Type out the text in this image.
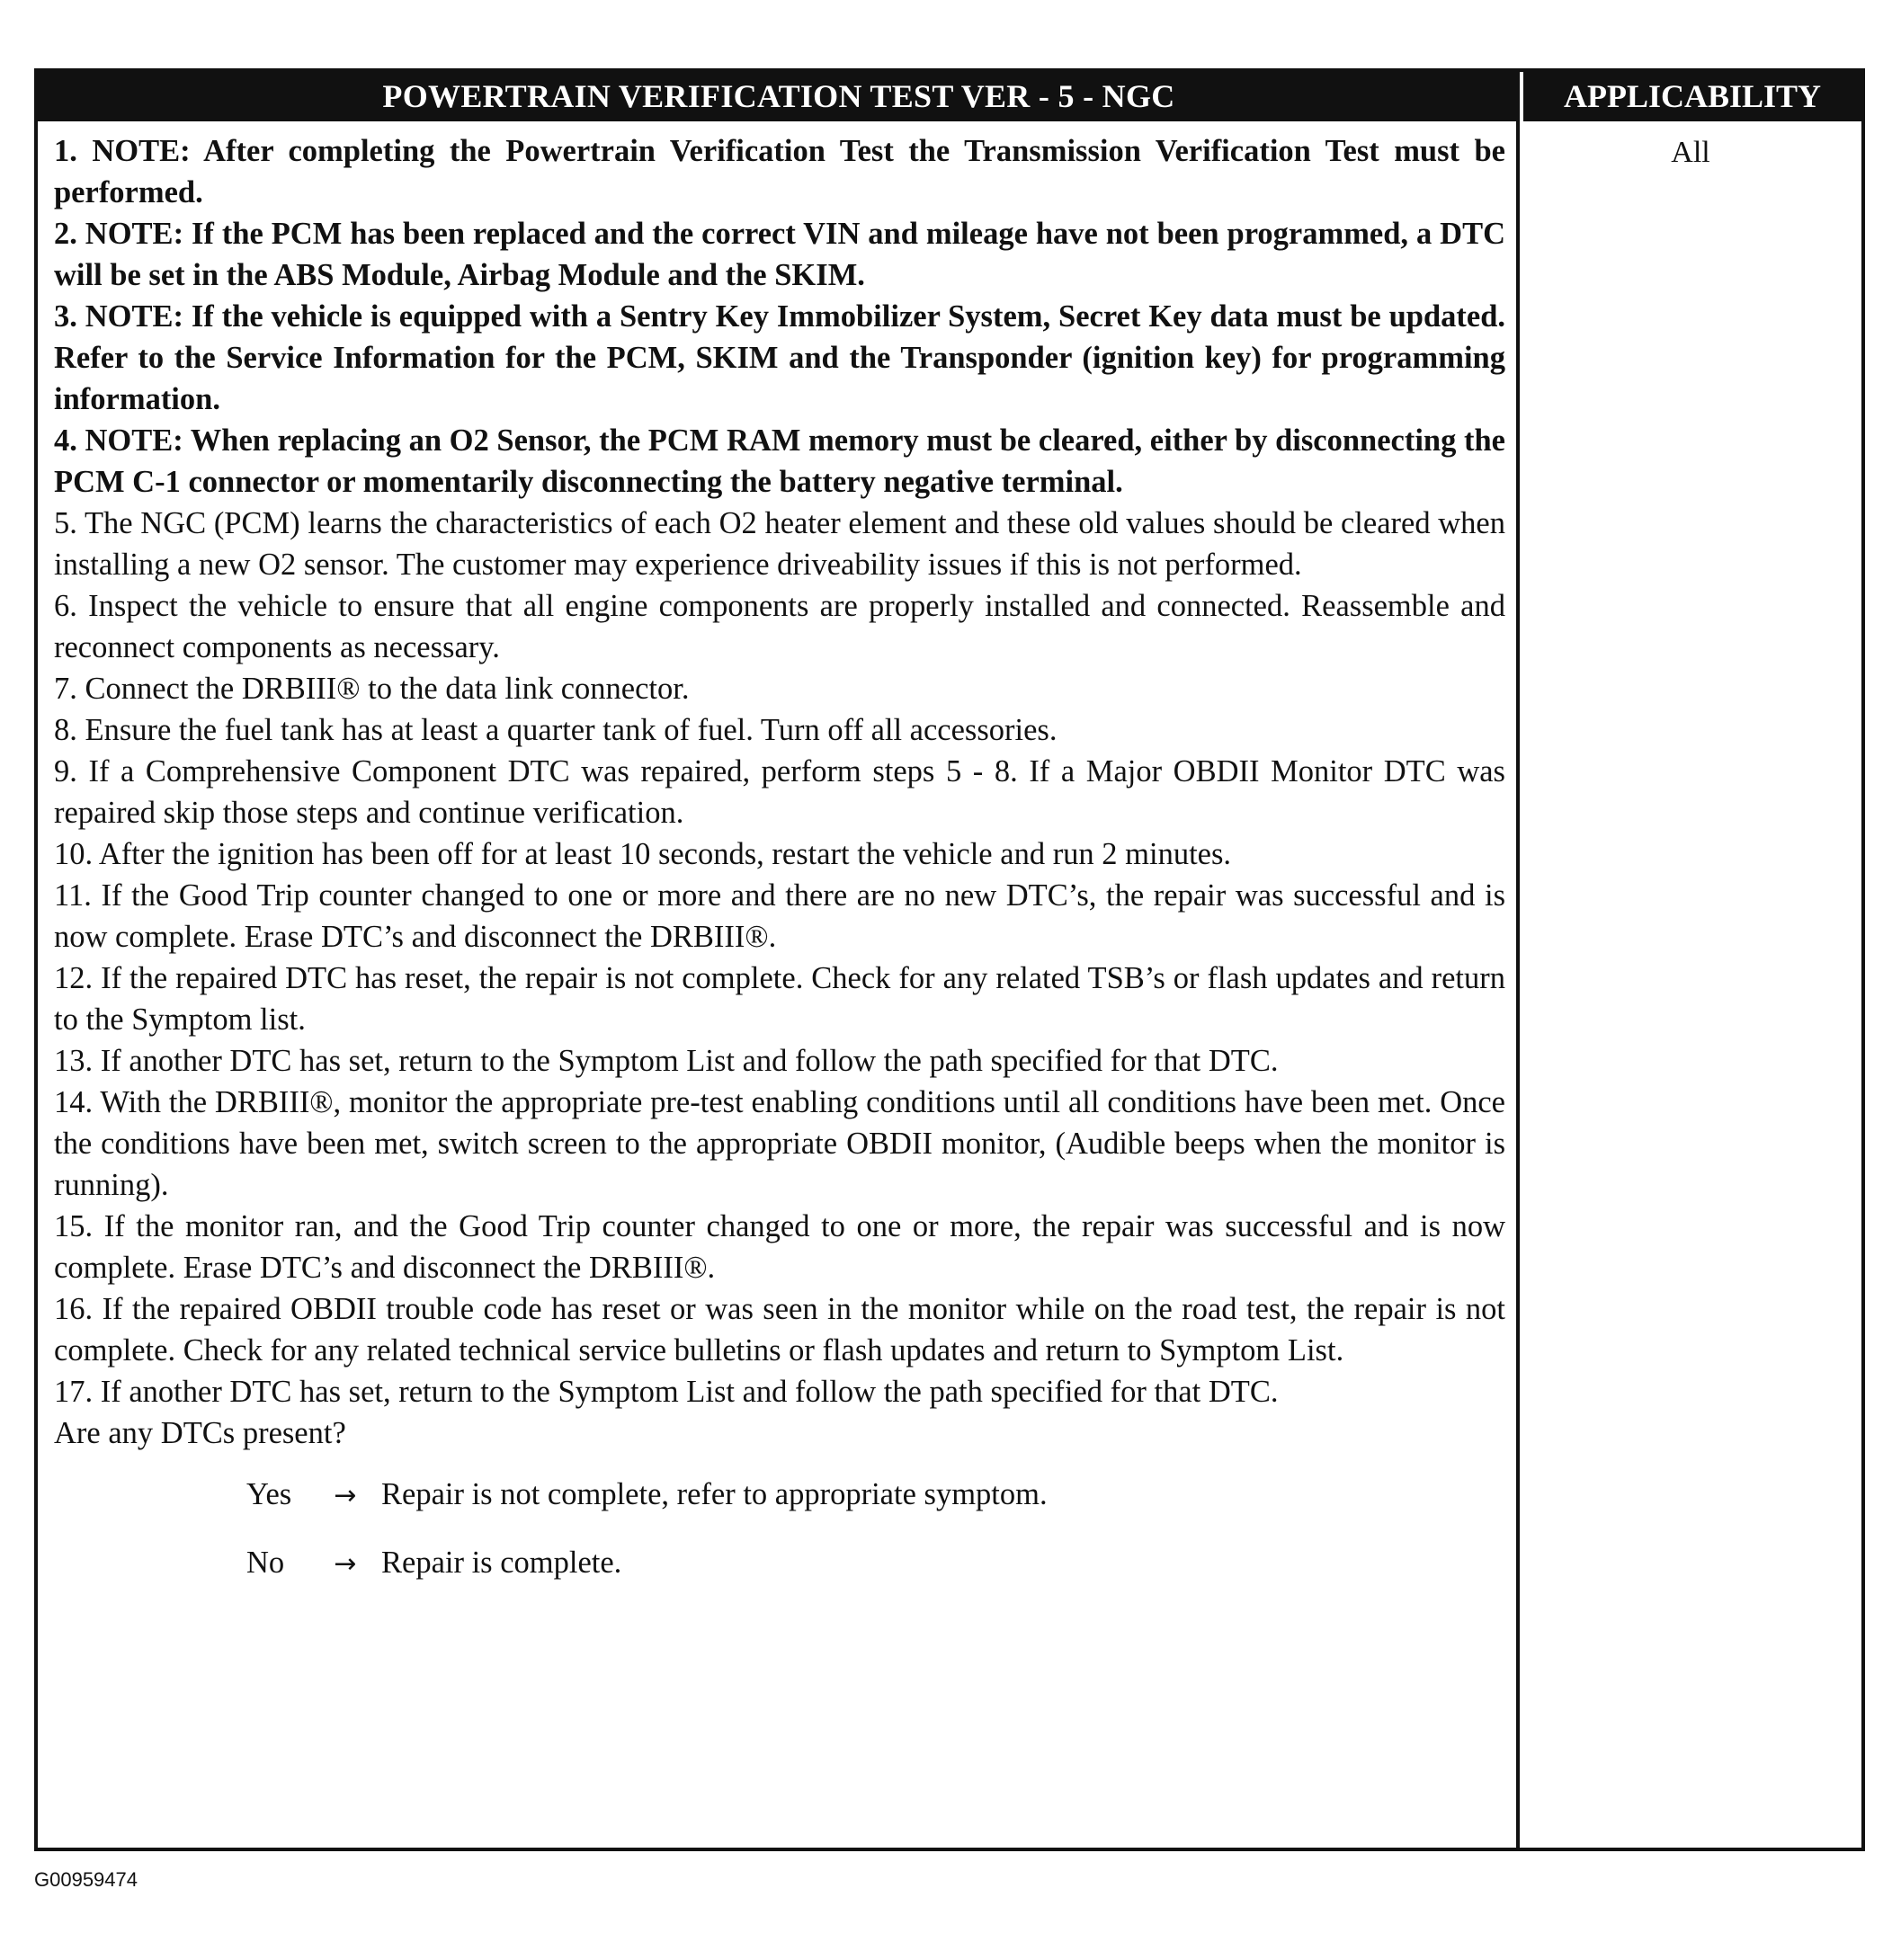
POWERTRAIN VERIFICATION TEST VER - 5 - NGC	APPLICABILITY

1. NOTE: After completing the Powertrain Verification Test the Transmission Verification Test must be performed.

2. NOTE: If the PCM has been replaced and the correct VIN and mileage have not been programmed, a DTC will be set in the ABS Module, Airbag Module and the SKIM.

3. NOTE: If the vehicle is equipped with a Sentry Key Immobilizer System, Secret Key data must be updated. Refer to the Service Information for the PCM, SKIM and the Transponder (ignition key) for programming information.

4. NOTE: When replacing an O2 Sensor, the PCM RAM memory must be cleared, either by disconnecting the PCM C-1 connector or momentarily disconnecting the battery negative terminal.

5. The NGC (PCM) learns the characteristics of each O2 heater element and these old values should be cleared when installing a new O2 sensor. The customer may experience driveability issues if this is not performed.

6. Inspect the vehicle to ensure that all engine components are properly installed and connected. Reassemble and reconnect components as necessary.

7. Connect the DRBIII® to the data link connector.

8. Ensure the fuel tank has at least a quarter tank of fuel. Turn off all accessories.

9. If a Comprehensive Component DTC was repaired, perform steps 5 - 8. If a Major OBDII Monitor DTC was repaired skip those steps and continue verification.

10. After the ignition has been off for at least 10 seconds, restart the vehicle and run 2 minutes.

11. If the Good Trip counter changed to one or more and there are no new DTC’s, the repair was successful and is now complete. Erase DTC’s and disconnect the DRBIII®.

12. If the repaired DTC has reset, the repair is not complete. Check for any related TSB’s or flash updates and return to the Symptom list.

13. If another DTC has set, return to the Symptom List and follow the path specified for that DTC.

14. With the DRBIII®, monitor the appropriate pre-test enabling conditions until all conditions have been met. Once the conditions have been met, switch screen to the appropriate OBDII monitor, (Audible beeps when the monitor is running).

15. If the monitor ran, and the Good Trip counter changed to one or more, the repair was successful and is now complete. Erase DTC’s and disconnect the DRBIII®.

16. If the repaired OBDII trouble code has reset or was seen in the monitor while on the road test, the repair is not complete. Check for any related technical service bulletins or flash updates and return to Symptom List.

17. If another DTC has set, return to the Symptom List and follow the path specified for that DTC.

Are any DTCs present?

Yes	→ Repair is not complete, refer to appropriate symptom.
No	→ Repair is complete.
All
G00959474
